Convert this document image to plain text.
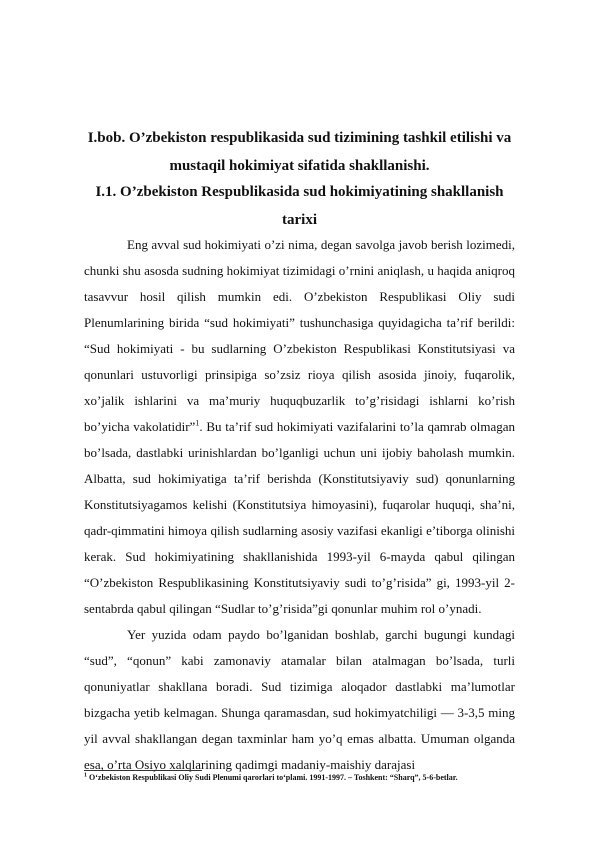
I.bob. O’zbekiston respublikasida sud tizimining tashkil etilishi va mustaqil hokimiyat sifatida shakllanishi.
I.1. O’zbekiston Respublikasida sud hokimiyatining shakllanish tarixi

Eng avval sud hokimiyati o’zi nima, degan savolga javob berish lozimedi, chunki shu asosda sudning hokimiyat tizimidagi o’rnini aniqlash, u haqida aniqroq tasavvur hosil qilish mumkin edi. O’zbekiston Respublikasi Oliy sudi Plenumlarining birida “sud hokimiyati” tushunchasiga quyidagicha ta’rif berildi: “Sud hokimiyati - bu sudlarning O’zbekiston Respublikasi Konstitutsiyasi va qonunlari ustuvorligi prinsipiga so’zsiz rioya qilish asosida jinoiy, fuqarolik, xo’jalik ishlarini va ma’muriy huquqbuzarlik to’g’risidagi ishlarni ko’rish bo’yicha vakolatidir”$^1$. Bu ta’rif sud hokimiyati vazifalarini to’la qamrab olmagan bo’lsada, dastlabki urinishlardan bo’lganligi uchun uni ijobiy baholash mumkin. Albatta, sud hokimiyatiga ta’rif berishda (Konstitutsiyaviy sud) qonunlarning Konstitutsiyagamos kelishi (Konstitutsiya himoyasini), fuqarolar huquqi, sha’ni, qadr-qimmatini himoya qilish sudlarning asosiy vazifasi ekanligi e’tiborga olinishi kerak. Sud hokimiyatining shakllanishida 1993-yil 6-mayda qabul qilingan “O’zbekiston Respublikasining Konstitutsiyaviy sudi to’g’risida” gi, 1993-yil 2-sentabrda qabul qilingan “Sudlar to’g’risida”gi qonunlar muhim rol o’ynadi.

Yer yuzida odam paydo bo’lganidan boshlab, garchi bugungi kundagi “sud”, “qonun” kabi zamonaviy atamalar bilan atalmagan bo’lsada, turli qonuniyatlar shakllana boradi. Sud tizimiga aloqador dastlabki ma’lumotlar bizgacha yetib kelmagan. Shunga qaramasdan, sud hokimyatchiligi — 3-3,5 ming yil avval shakllangan degan taxminlar ham yo’q emas albatta. Umuman olganda esa, o’rta Osiyo xalqlarining qadimgi madaniy-maishiy darajasi

$^1$ O‘zbekiston Respublikasi Oliy Sudi Plenumi qarorlari to‘plami. 1991-1997. – Toshkent: “Sharq”, 5-6-betlar.
